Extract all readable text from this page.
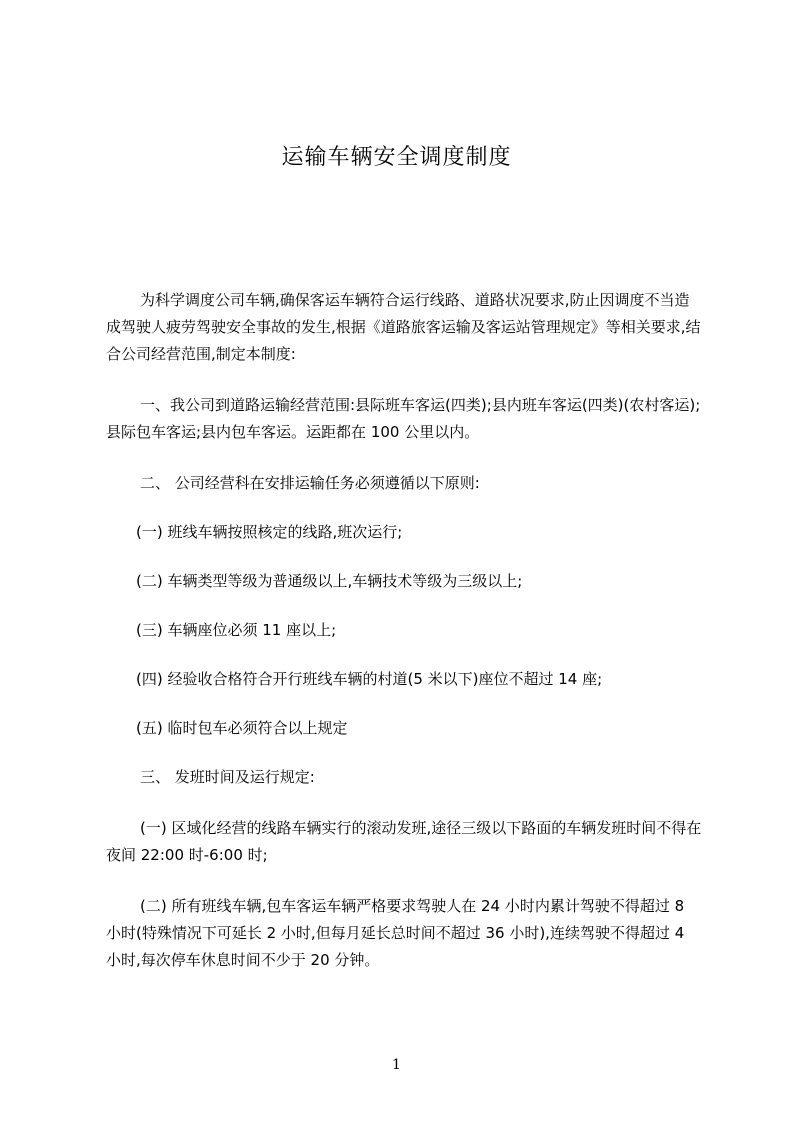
运输车辆安全调度制度

为科学调度公司车辆,确保客运车辆符合运行线路、道路状况要求,防止因调度不当造成驾驶人疲劳驾驶安全事故的发生,根据《道路旅客运输及客运站管理规定》等相关要求,结合公司经营范围,制定本制度:

一、我公司到道路运输经营范围:县际班车客运(四类);县内班车客运(四类)(农村客运);县际包车客运;县内包车客运。运距都在 100 公里以内。

二、 公司经营科在安排运输任务必须遵循以下原则:

(一) 班线车辆按照核定的线路,班次运行;

(二) 车辆类型等级为普通级以上,车辆技术等级为三级以上;

(三) 车辆座位必须 11 座以上;

(四) 经验收合格符合开行班线车辆的村道(5 米以下)座位不超过 14 座;

(五) 临时包车必须符合以上规定

三、 发班时间及运行规定:

(一) 区域化经营的线路车辆实行的滚动发班,途径三级以下路面的车辆发班时间不得在夜间 22:00 时-6:00 时;

(二) 所有班线车辆,包车客运车辆严格要求驾驶人在 24 小时内累计驾驶不得超过 8 小时(特殊情况下可延长 2 小时,但每月延长总时间不超过 36 小时),连续驾驶不得超过 4 小时,每次停车休息时间不少于 20 分钟。

1
